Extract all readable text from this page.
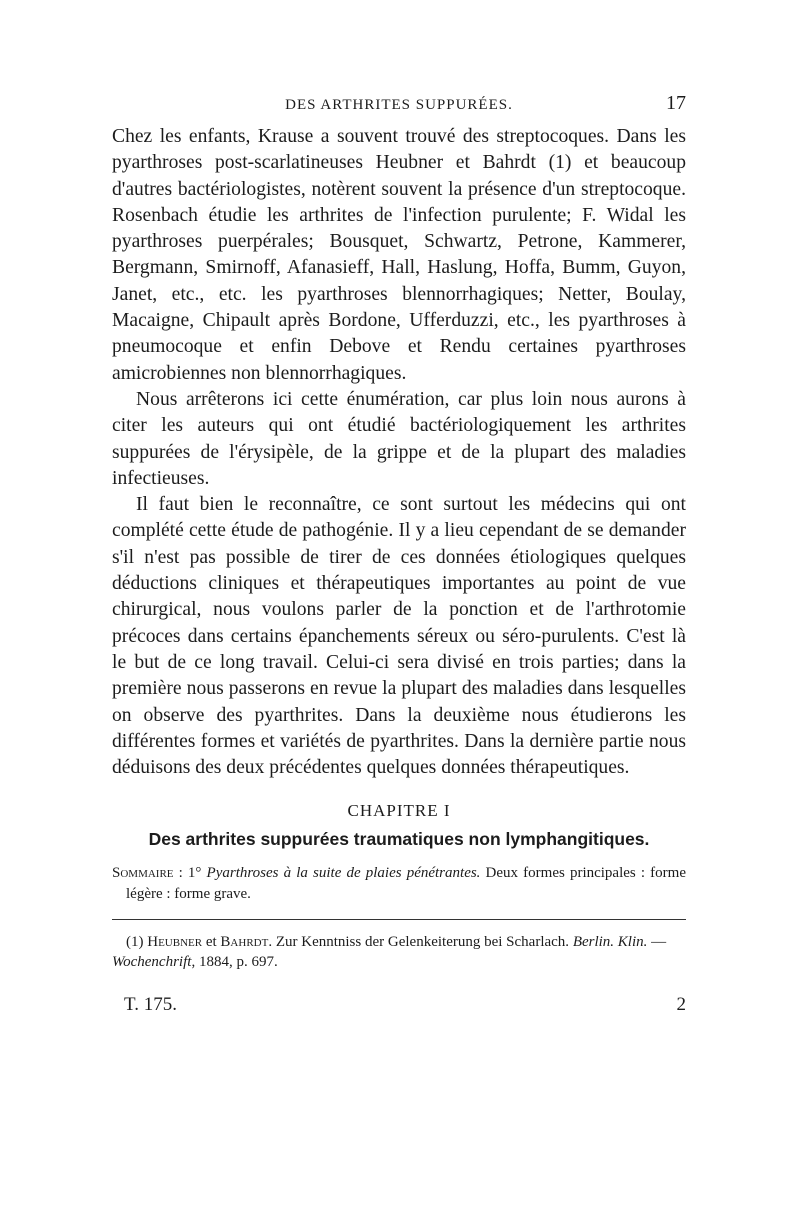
DES ARTHRITES SUPPURÉES.	17

Chez les enfants, Krause a souvent trouvé des streptocoques. Dans les pyarthroses post-scarlatineuses Heubner et Bahrdt (1) et beaucoup d'autres bactériologistes, notèrent souvent la présence d'un streptocoque. Rosenbach étudie les arthrites de l'infection purulente; F. Widal les pyarthroses puerpérales; Bousquet, Schwartz, Petrone, Kammerer, Bergmann, Smirnoff, Afanasieff, Hall, Haslung, Hoffa, Bumm, Guyon, Janet, etc., etc. les pyarthroses blennorrhagiques; Netter, Boulay, Macaigne, Chipault après Bordone, Ufferduzzi, etc., les pyarthroses à pneumocoque et enfin Debove et Rendu certaines pyarthroses amicrobiennes non blennorrhagiques.

Nous arrêterons ici cette énumération, car plus loin nous aurons à citer les auteurs qui ont étudié bactériologiquement les arthrites suppurées de l'érysipèle, de la grippe et de la plupart des maladies infectieuses.

Il faut bien le reconnaître, ce sont surtout les médecins qui ont complété cette étude de pathogénie. Il y a lieu cependant de se demander s'il n'est pas possible de tirer de ces données étiologiques quelques déductions cliniques et thérapeutiques importantes au point de vue chirurgical, nous voulons parler de la ponction et de l'arthrotomie précoces dans certains épanchements séreux ou séro-purulents. C'est là le but de ce long travail. Celui-ci sera divisé en trois parties; dans la première nous passerons en revue la plupart des maladies dans lesquelles on observe des pyarthrites. Dans la deuxième nous étudierons les différentes formes et variétés de pyarthrites. Dans la dernière partie nous déduisons des deux précédentes quelques données thérapeutiques.

CHAPITRE I
Des arthrites suppurées traumatiques non lymphangitiques.
Sommaire : 1° Pyarthroses à la suite de plaies pénétrantes. Deux formes principales : forme légère : forme grave.
(1) Heubner et Bahrdt. Zur Kenntniss der Gelenkeiterung bei Scharlach. Berlin. Klin. — Wochenchrift, 1884, p. 697.
T. 175.	2
